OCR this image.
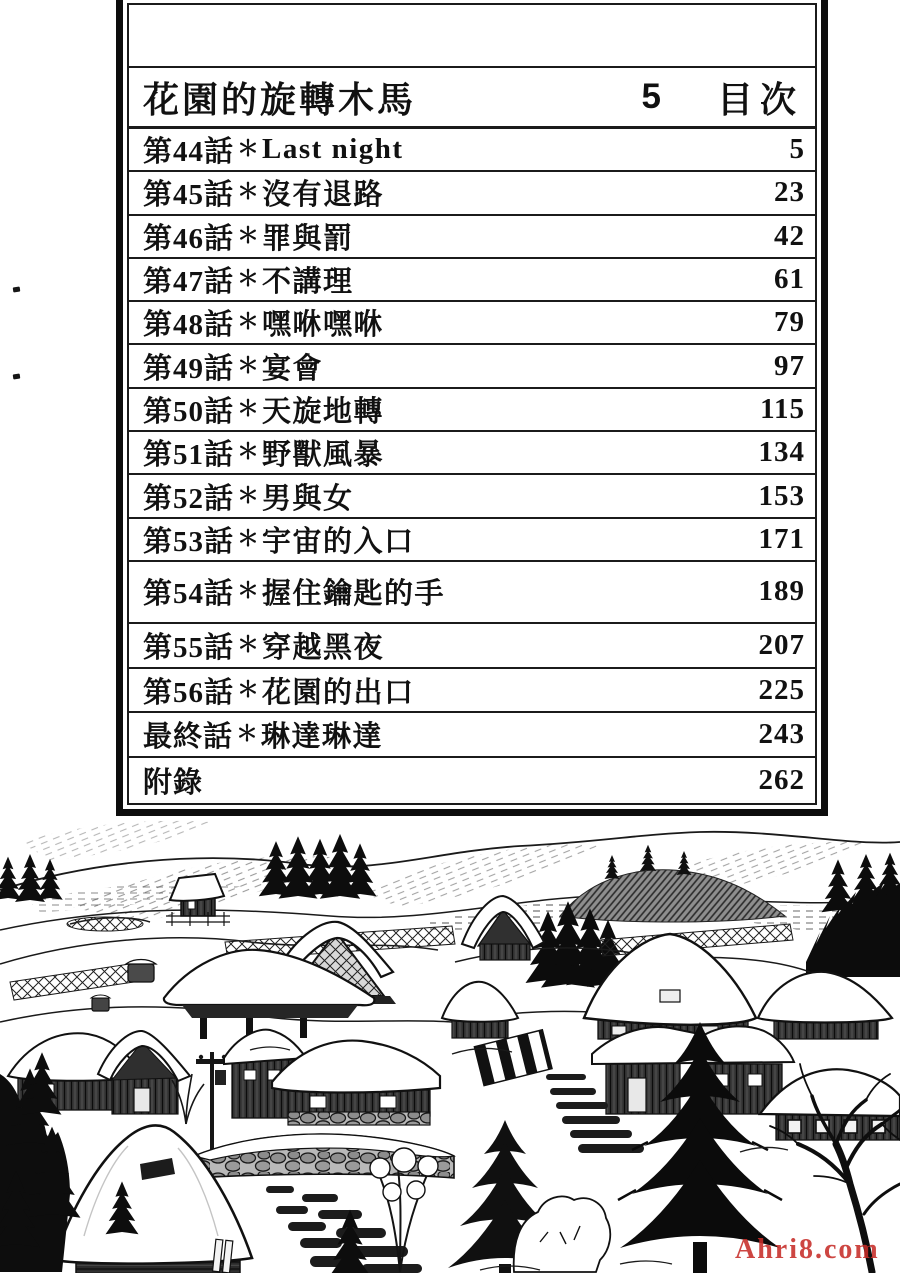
花園的旋轉木馬	5 目次
第44話 ＊ Last night	5
第45話 ＊ 沒有退路	23
第46話 ＊ 罪與罰	42
第47話 ＊ 不講理	61
第48話 ＊ 嘿咻嘿咻	79
第49話 ＊ 宴會	97
第50話 ＊ 天旋地轉	115
第51話 ＊ 野獸風暴	134
第52話 ＊ 男與女	153
第53話 ＊ 宇宙的入口	171
第54話 ＊ 握住鑰匙的手	189
第55話 ＊ 穿越黑夜	207
第56話 ＊ 花園的出口	225
最終話 ＊ 琳達琳達	243
附錄	262
Ahri8.com
